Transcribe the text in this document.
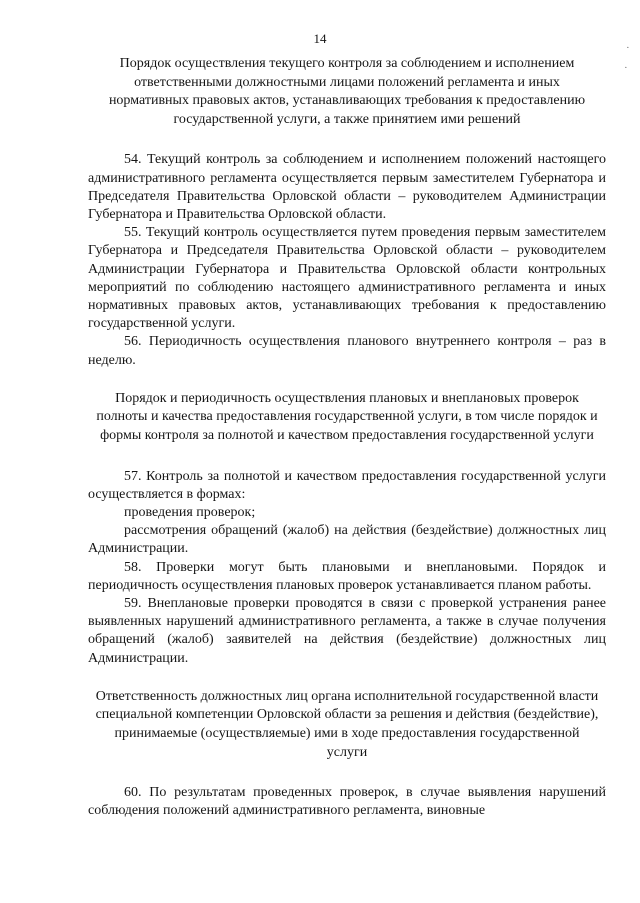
14

Порядок осуществления текущего контроля за соблюдением и исполнением ответственными должностными лицами положений регламента и иных нормативных правовых актов, устанавливающих требования к предоставлению государственной услуги, а также принятием ими решений

54. Текущий контроль за соблюдением и исполнением положений настоящего административного регламента осуществляется первым заместителем Губернатора и Председателя Правительства Орловской области – руководителем Администрации Губернатора и Правительства Орловской области.

55. Текущий контроль осуществляется путем проведения первым заместителем Губернатора и Председателя Правительства Орловской области – руководителем Администрации Губернатора и Правительства Орловской области контрольных мероприятий по соблюдению настоящего административного регламента и иных нормативных правовых актов, устанавливающих требования к предоставлению государственной услуги.

56. Периодичность осуществления планового внутреннего контроля – раз в неделю.

Порядок и периодичность осуществления плановых и внеплановых проверок полноты и качества предоставления государственной услуги, в том числе порядок и формы контроля за полнотой и качеством предоставления государственной услуги

57. Контроль за полнотой и качеством предоставления государственной услуги осуществляется в формах:

проведения проверок;

рассмотрения обращений (жалоб) на действия (бездействие) должностных лиц Администрации.

58. Проверки могут быть плановыми и внеплановыми. Порядок и периодичность осуществления плановых проверок устанавливается планом работы.

59. Внеплановые проверки проводятся в связи с проверкой устранения ранее выявленных нарушений административного регламента, а также в случае получения обращений (жалоб) заявителей на действия (бездействие) должностных лиц Администрации.

Ответственность должностных лиц органа исполнительной государственной власти специальной компетенции Орловской области за решения и действия (бездействие), принимаемые (осуществляемые) ими в ходе предоставления государственной услуги

60. По результатам проведенных проверок, в случае выявления нарушений соблюдения положений административного регламента, виновные

·
·
